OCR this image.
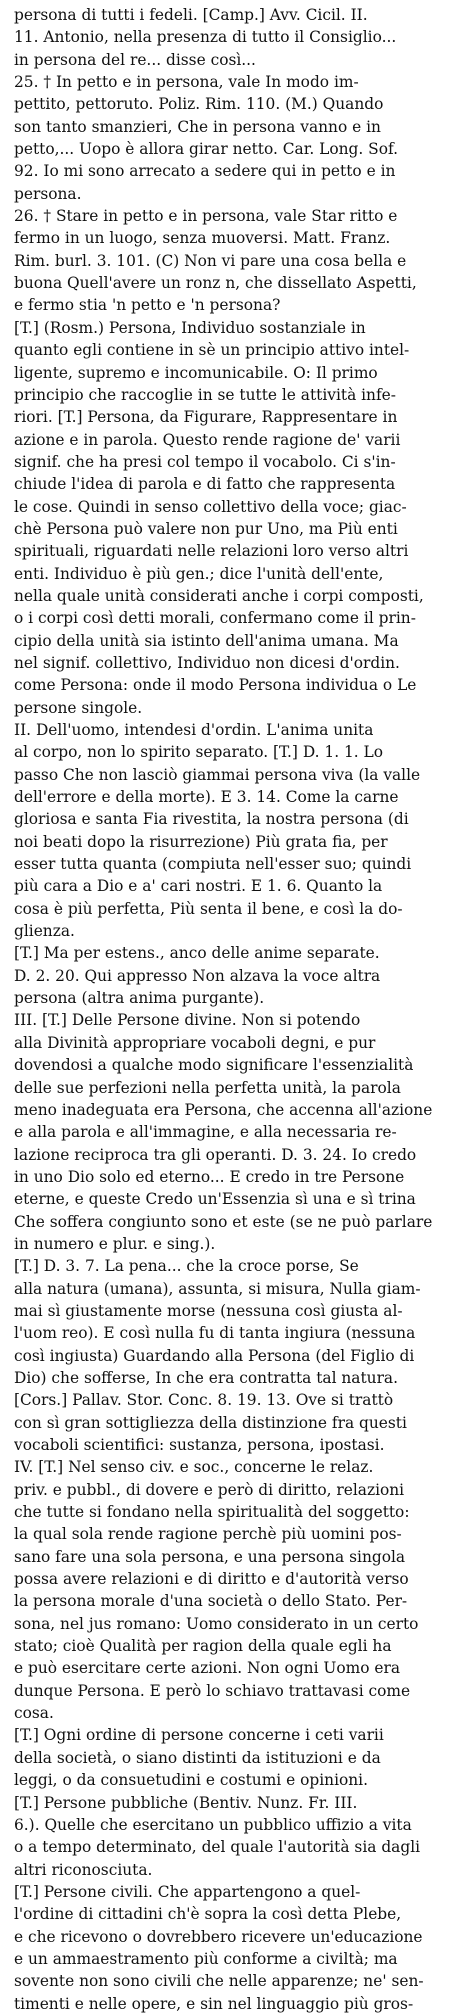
persona di tutti i fedeli. [Camp.] Avv. Cicil. II.
11. Antonio, nella presenza di tutto il Consiglio...
in persona del re... disse così...
25. † In petto e in persona, vale In modo im-
pettito, pettoruto. Poliz. Rim. 110. (M.) Quando
son tanto smanzieri, Che in persona vanno e in
petto,... Uopo è allora girar netto. Car. Long. Sof.
92. Io mi sono arrecato a sedere qui in petto e in
persona.
26. † Stare in petto e in persona, vale Star ritto e
fermo in un luogo, senza muoversi. Matt. Franz.
Rim. burl. 3. 101. (C) Non vi pare una cosa bella e
buona Quell'avere un ronz n, che dissellato Aspetti,
e fermo stia 'n petto e 'n persona?
[T.] (Rosm.) Persona, Individuo sostanziale in
quanto egli contiene in sè un principio attivo intel-
ligente, supremo e incomunicabile. O: Il primo
principio che raccoglie in se tutte le attività infe-
riori. [T.] Persona, da Figurare, Rappresentare in
azione e in parola. Questo rende ragione de' varii
signif. che ha presi col tempo il vocabolo. Ci s'in-
chiude l'idea di parola e di fatto che rappresenta
le cose. Quindi in senso collettivo della voce; giac-
chè Persona può valere non pur Uno, ma Più enti
spirituali, riguardati nelle relazioni loro verso altri
enti. Individuo è più gen.; dice l'unità dell'ente,
nella quale unità considerati anche i corpi composti,
o i corpi così detti morali, confermano come il prin-
cipio della unità sia istinto dell'anima umana. Ma
nel signif. collettivo, Individuo non dicesi d'ordin.
come Persona: onde il modo Persona individua o Le
persone singole.
II. Dell'uomo, intendesi d'ordin. L'anima unita
al corpo, non lo spirito separato. [T.] D. 1. 1. Lo
passo Che non lasciò giammai persona viva (la valle
dell'errore e della morte). E 3. 14. Come la carne
gloriosa e santa Fia rivestita, la nostra persona (di
noi beati dopo la risurrezione) Più grata fia, per
esser tutta quanta (compiuta nell'esser suo; quindi
più cara a Dio e a' cari nostri. E 1. 6. Quanto la
cosa è più perfetta, Più senta il bene, e così la do-
glienza.
[T.] Ma per estens., anco delle anime separate.
D. 2. 20. Qui appresso Non alzava la voce altra
persona (altra anima purgante).
III. [T.] Delle Persone divine. Non si potendo
alla Divinità appropriare vocaboli degni, e pur
dovendosi a qualche modo significare l'essenzialità
delle sue perfezioni nella perfetta unità, la parola
meno inadeguata era Persona, che accenna all'azione
e alla parola e all'immagine, e alla necessaria re-
lazione reciproca tra gli operanti. D. 3. 24. Io credo
in uno Dio solo ed eterno... E credo in tre Persone
eterne, e queste Credo un'Essenzia sì una e sì trina
Che soffera congiunto sono et este (se ne può parlare
in numero e plur. e sing.).
[T.] D. 3. 7. La pena... che la croce porse, Se
alla natura (umana), assunta, si misura, Nulla giam-
mai sì giustamente morse (nessuna così giusta al-
l'uom reo). E così nulla fu di tanta ingiura (nessuna
così ingiusta) Guardando alla Persona (del Figlio di
Dio) che sofferse, In che era contratta tal natura.
[Cors.] Pallav. Stor. Conc. 8. 19. 13. Ove si trattò
con sì gran sottigliezza della distinzione fra questi
vocaboli scientifici: sustanza, persona, ipostasi.
IV. [T.] Nel senso civ. e soc., concerne le relaz.
priv. e pubbl., di dovere e però di diritto, relazioni
che tutte si fondano nella spiritualità del soggetto:
la qual sola rende ragione perchè più uomini pos-
sano fare una sola persona, e una persona singola
possa avere relazioni e di diritto e d'autorità verso
la persona morale d'una società o dello Stato. Per-
sona, nel jus romano: Uomo considerato in un certo
stato; cioè Qualità per ragion della quale egli ha
e può esercitare certe azioni. Non ogni Uomo era
dunque Persona. E però lo schiavo trattavasi come
cosa.
[T.] Ogni ordine di persone concerne i ceti varii
della società, o siano distinti da istituzioni e da
leggi, o da consuetudini e costumi e opinioni.
[T.] Persone pubbliche (Bentiv. Nunz. Fr. III.
6.). Quelle che esercitano un pubblico uffizio a vita
o a tempo determinato, del quale l'autorità sia dagli
altri riconosciuta.
[T.] Persone civili. Che appartengono a quel-
l'ordine di cittadini ch'è sopra la così detta Plebe,
e che ricevono o dovrebbero ricevere un'educazione
e un ammaestramento più conforme a civiltà; ma
sovente non sono civili che nelle apparenze; ne' sen-
timenti e nelle opere, e sin nel linguaggio più gros-
